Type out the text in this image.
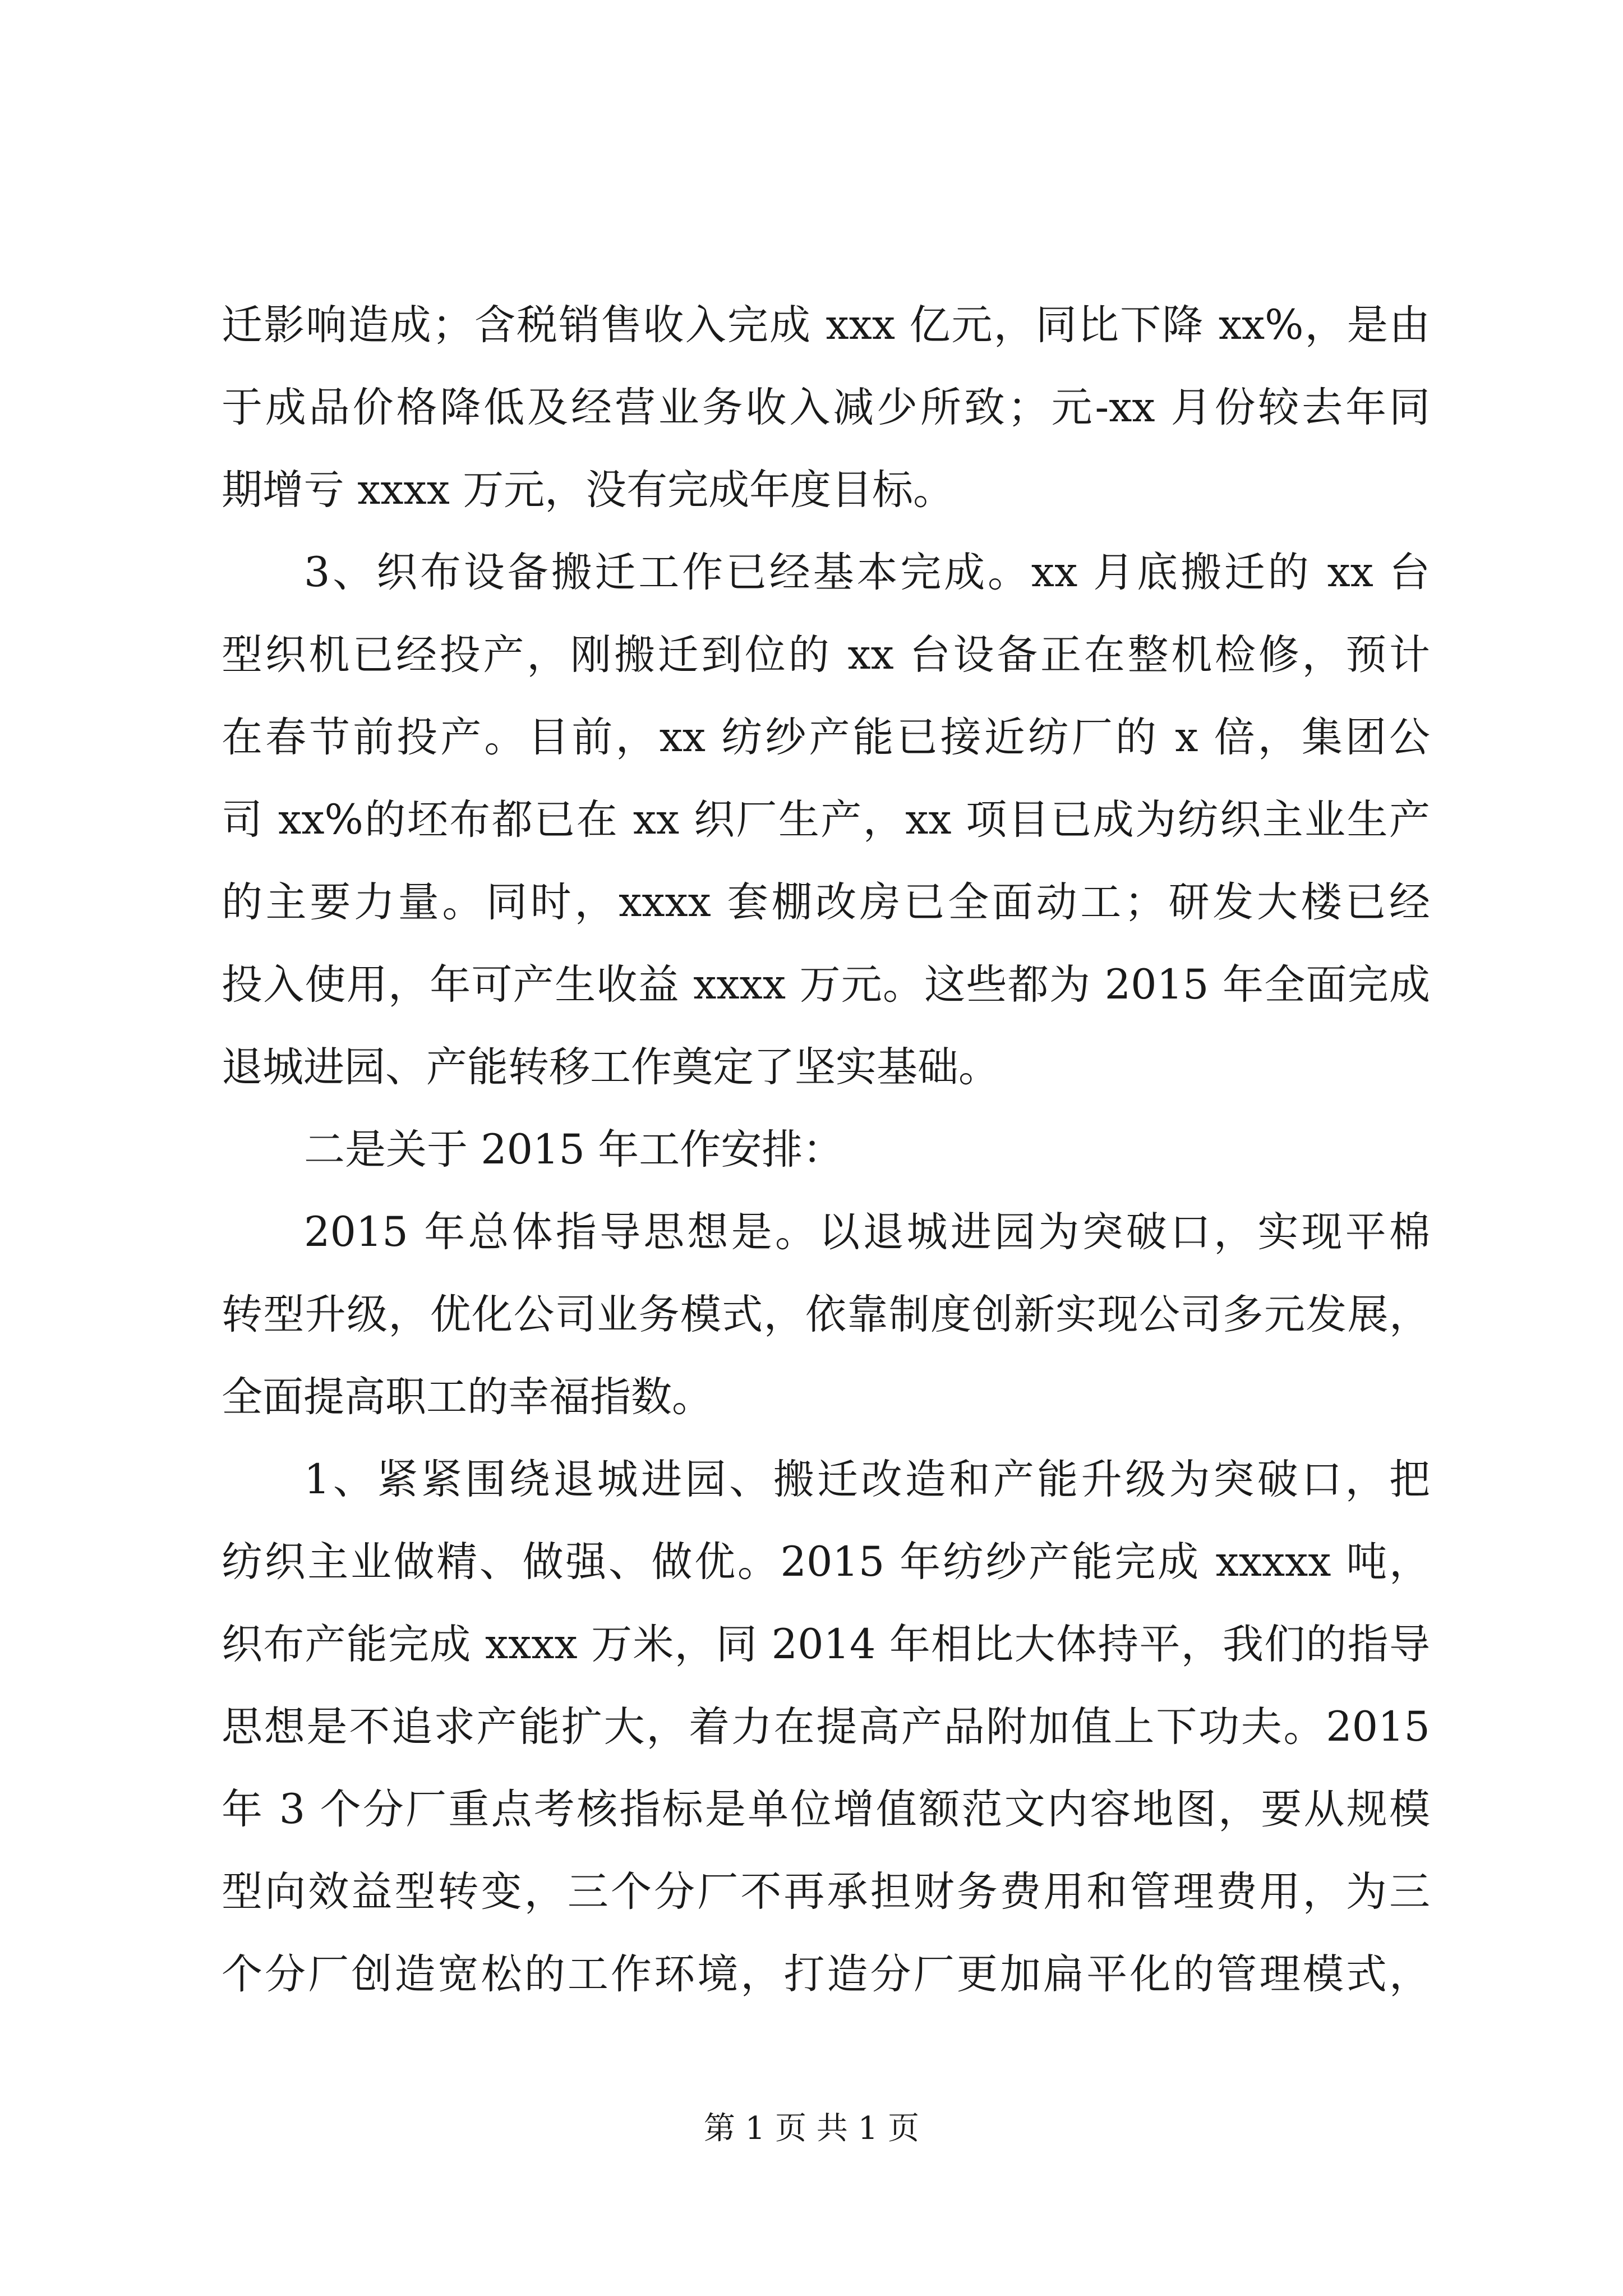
迁影响造成；含税销售收入完成 xxx 亿元，同比下降 xx%，是由
于成品价格降低及经营业务收入减少所致；元-xx 月份较去年同
期增亏 xxxx 万元，没有完成年度目标。
3、织布设备搬迁工作已经基本完成。xx 月底搬迁的 xx 台
型织机已经投产，刚搬迁到位的 xx 台设备正在整机检修，预计
在春节前投产。目前，xx 纺纱产能已接近纺厂的 x 倍，集团公
司 xx%的坯布都已在 xx 织厂生产，xx 项目已成为纺织主业生产
的主要力量。同时，xxxx 套棚改房已全面动工；研发大楼已经
投入使用，年可产生收益 xxxx 万元。这些都为 2015 年全面完成
退城进园、产能转移工作奠定了坚实基础。
二是关于 2015 年工作安排：
2015 年总体指导思想是。以退城进园为突破口，实现平棉
转型升级，优化公司业务模式，依靠制度创新实现公司多元发展，
全面提高职工的幸福指数。
1、紧紧围绕退城进园、搬迁改造和产能升级为突破口，把
纺织主业做精、做强、做优。2015 年纺纱产能完成 xxxxx 吨，
织布产能完成 xxxx 万米，同 2014 年相比大体持平，我们的指导
思想是不追求产能扩大，着力在提高产品附加值上下功夫。2015
年 3 个分厂重点考核指标是单位增值额范文内容地图，要从规模
型向效益型转变，三个分厂不再承担财务费用和管理费用，为三
个分厂创造宽松的工作环境，打造分厂更加扁平化的管理模式，
第 1 页 共 1 页
